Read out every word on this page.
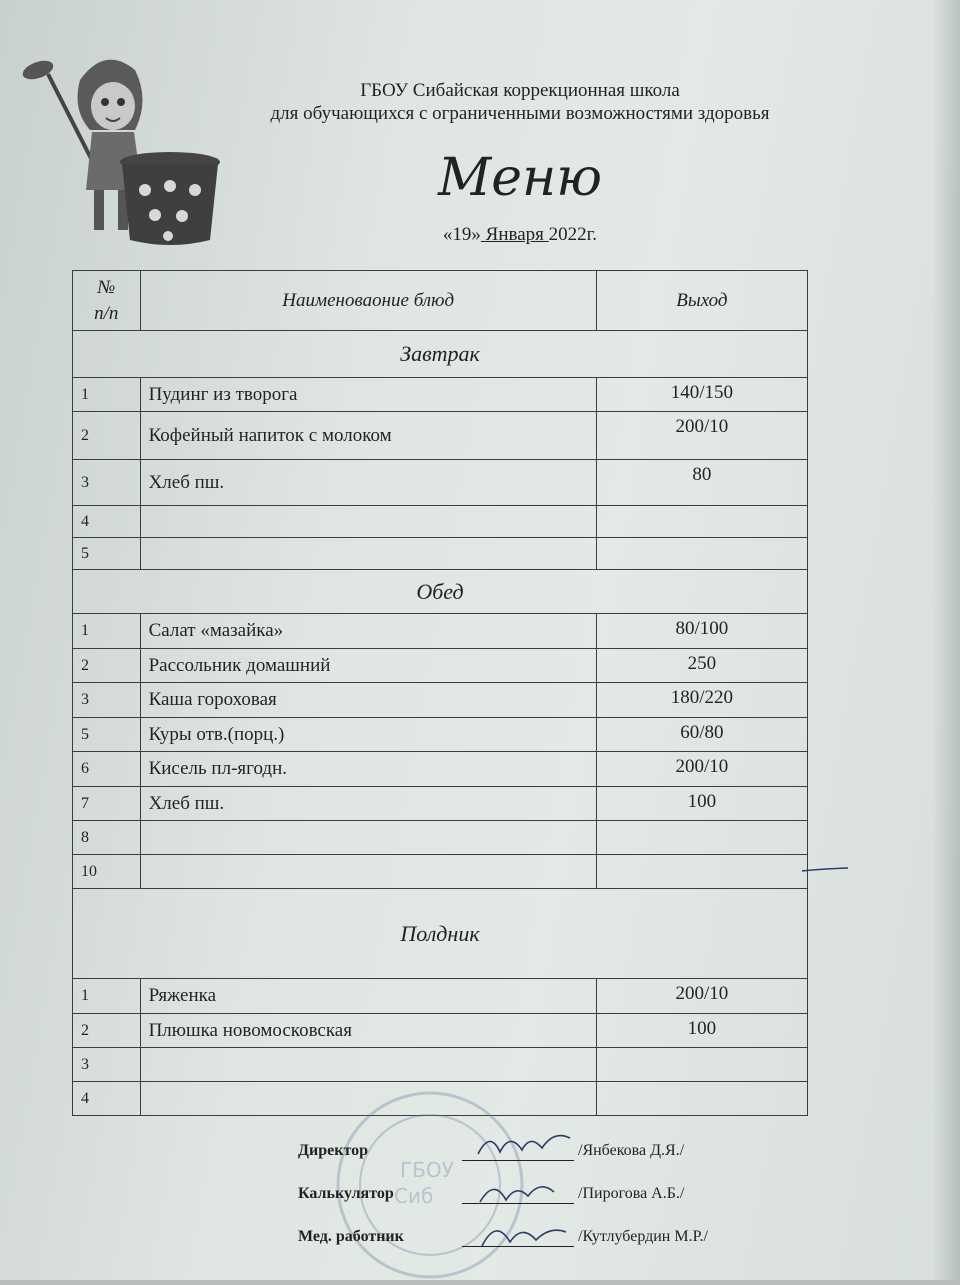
ГБОУ Сибайская коррекционная школа
для обучающихся с ограниченными возможностями здоровья
Меню
«19» Января 2022г.
№
п/п	Наименоваоние блюд	Выход
Завтрак		
1	Пудинг из творога	140/150
2	Кофейный напиток с молоком	200/10
3	Хлеб пш.	80
4		
5		
Обед		
1	Салат «мазайка»	80/100
2	Рассольник домашний	250
3	Каша гороховая	180/220
5	Куры отв.(порц.)	60/80
6	Кисель пл-ягодн.	200/10
7	Хлеб пш.	100
8		
10		
Полдник		
1	Ряженка	200/10
2	Плюшка новомосковская	100
3		
4		
ГБОУ
Сиб
Директор	/Янбекова Д.Я./
Калькулятор	/Пирогова А.Б./
Мед. работник	/Кутлубердин М.Р./
